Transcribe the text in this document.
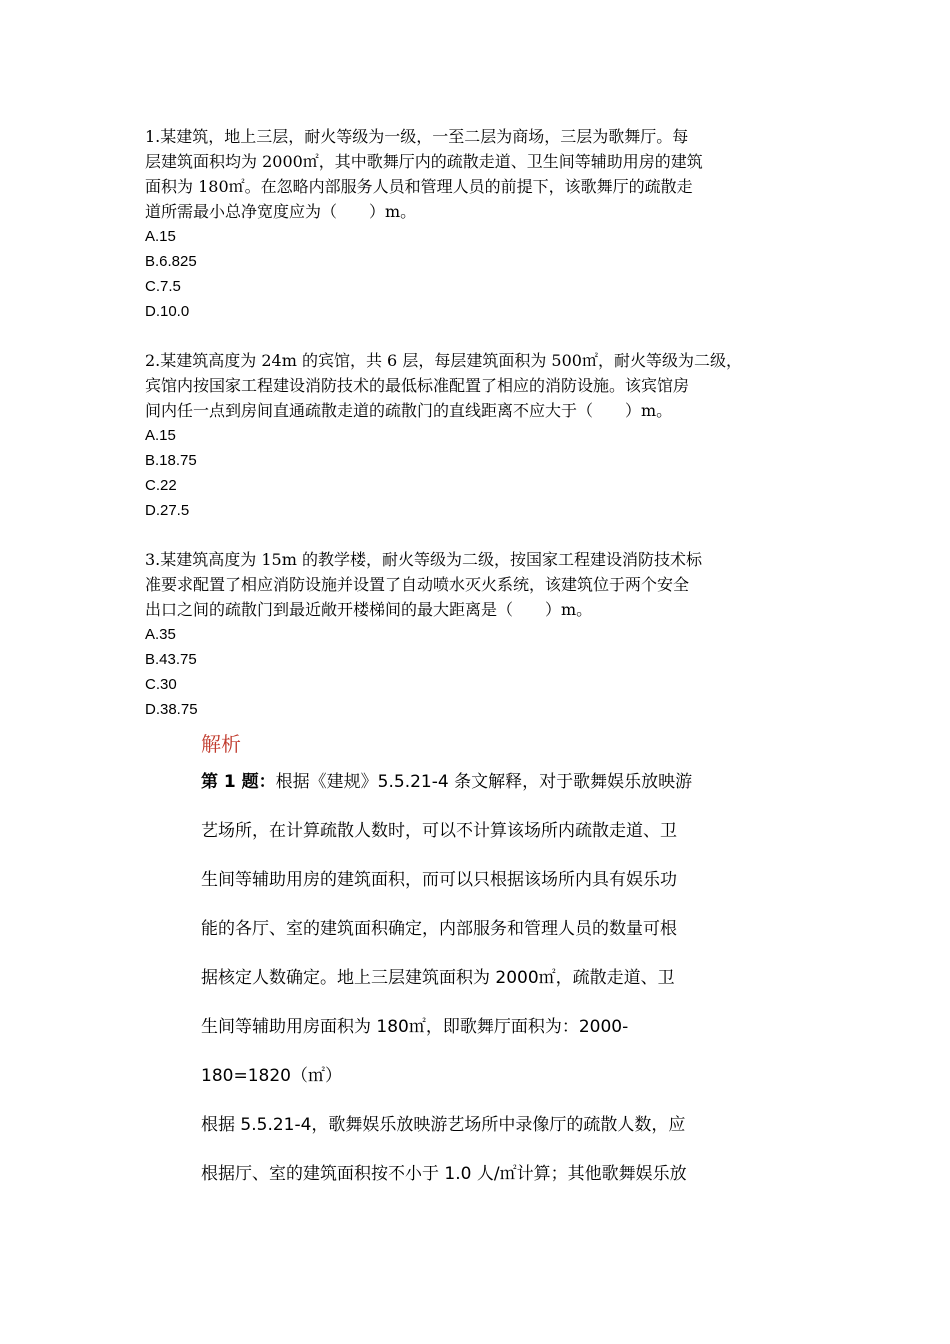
1.某建筑，地上三层，耐火等级为一级，一至二层为商场，三层为歌舞厅。每

层建筑面积均为 2000㎡，其中歌舞厅内的疏散走道、卫生间等辅助用房的建筑

面积为 180㎡。在忽略内部服务人员和管理人员的前提下，该歌舞厅的疏散走

道所需最小总净宽度应为（　　）m。

A.15

B.6.825

C.7.5

D.10.0

2.某建筑高度为 24m 的宾馆，共 6 层，每层建筑面积为 500㎡，耐火等级为二级，

宾馆内按国家工程建设消防技术的最低标准配置了相应的消防设施。该宾馆房

间内任一点到房间直通疏散走道的疏散门的直线距离不应大于（　　）m。

A.15

B.18.75

C.22

D.27.5

3.某建筑高度为 15m 的教学楼，耐火等级为二级，按国家工程建设消防技术标

准要求配置了相应消防设施并设置了自动喷水灭火系统，该建筑位于两个安全

出口之间的疏散门到最近敞开楼梯间的最大距离是（　　）m。

A.35

B.43.75

C.30

D.38.75

解析

第 1 题：根据《建规》5.5.21-4 条文解释，对于歌舞娱乐放映游

艺场所，在计算疏散人数时，可以不计算该场所内疏散走道、卫

生间等辅助用房的建筑面积，而可以只根据该场所内具有娱乐功

能的各厅、室的建筑面积确定，内部服务和管理人员的数量可根

据核定人数确定。地上三层建筑面积为 2000㎡，疏散走道、卫

生间等辅助用房面积为 180㎡，即歌舞厅面积为：2000-

180=1820（㎡）

根据 5.5.21-4，歌舞娱乐放映游艺场所中录像厅的疏散人数，应

根据厅、室的建筑面积按不小于 1.0 人/㎡计算；其他歌舞娱乐放
